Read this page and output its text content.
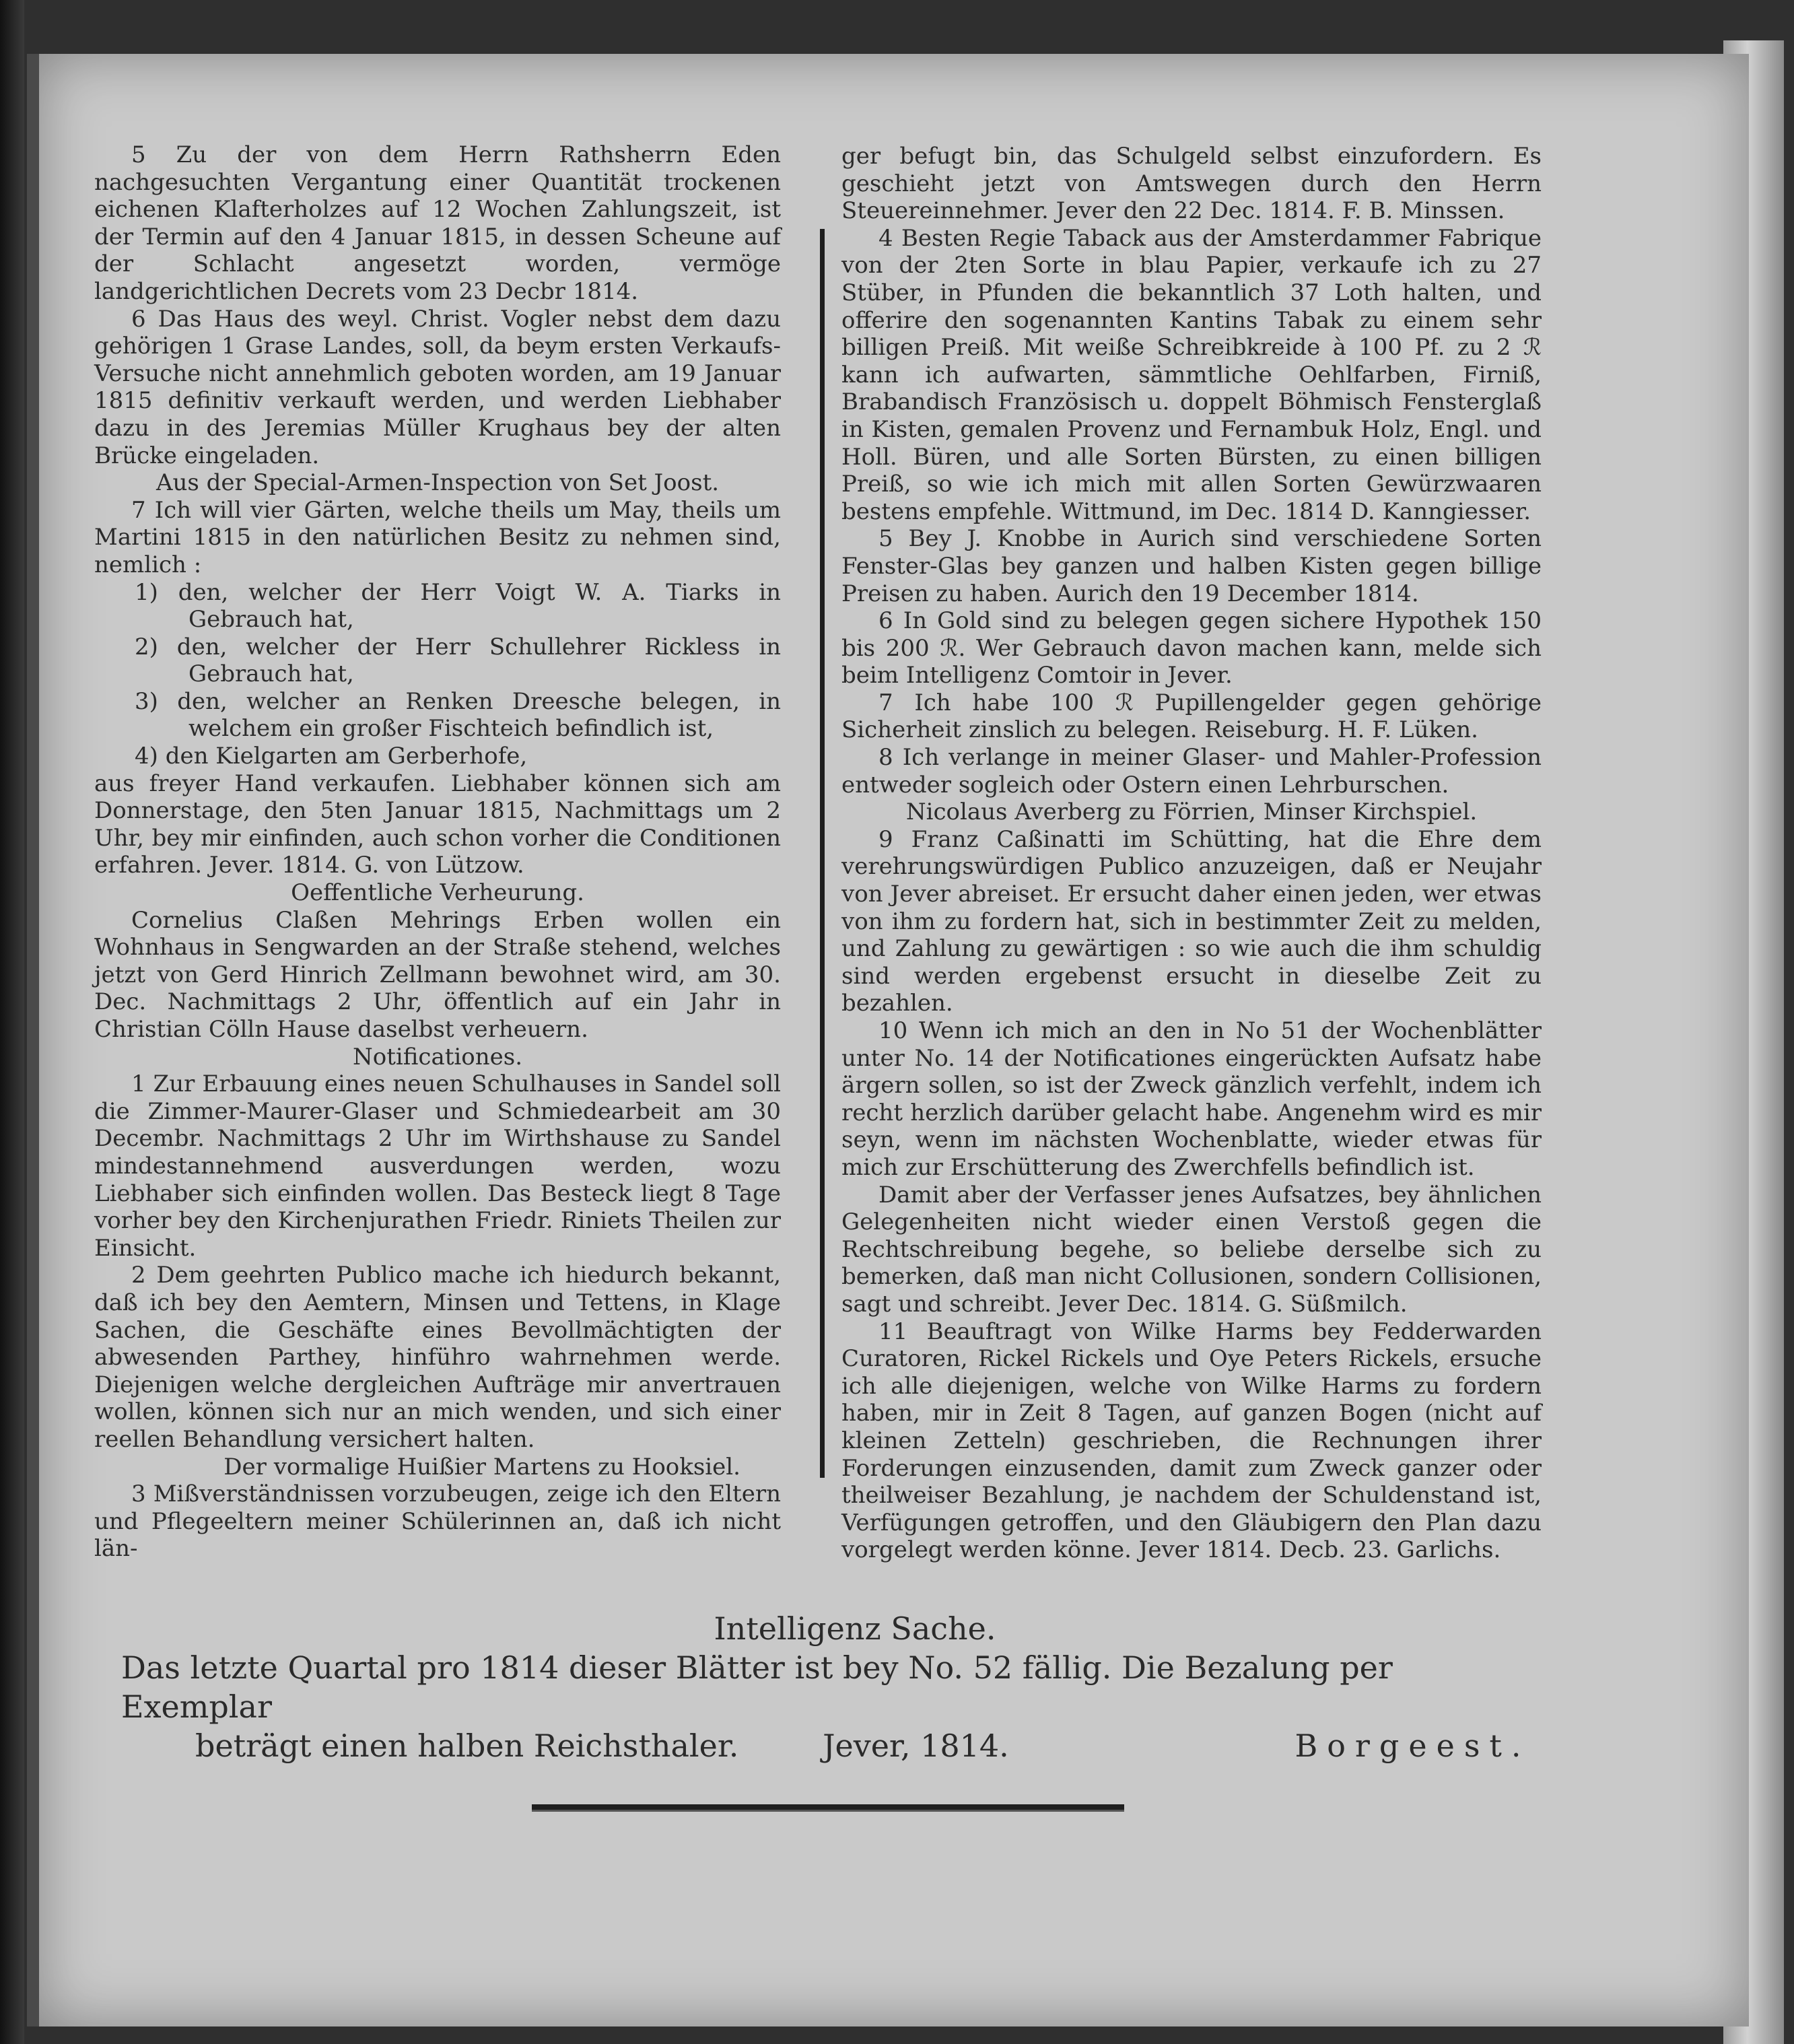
5 Zu der von dem Herrn Rathsherrn Eden nachgesuchten Vergantung einer Quantität trockenen eichenen Klafterholzes auf 12 Wochen Zahlungszeit, ist der Termin auf den 4 Januar 1815, in dessen Scheune auf der Schlacht angesetzt worden, vermöge landgerichtlichen Decrets vom 23 Decbr 1814.

6 Das Haus des weyl. Christ. Vogler nebst dem dazu gehörigen 1 Grase Landes, soll, da beym ersten Verkaufs-Versuche nicht annehmlich geboten worden, am 19 Januar 1815 definitiv verkauft werden, und werden Liebhaber dazu in des Jeremias Müller Krughaus bey der alten Brücke eingeladen.

Aus der Special-Armen-Inspection von Set Joost.

7 Ich will vier Gärten, welche theils um May, theils um Martini 1815 in den natürlichen Besitz zu nehmen sind, nemlich :

1) den, welcher der Herr Voigt W. A. Tiarks in Gebrauch hat,

2) den, welcher der Herr Schullehrer Rickless in Gebrauch hat,

3) den, welcher an Renken Dreesche belegen, in welchem ein großer Fischteich befindlich ist,

4) den Kielgarten am Gerberhofe,

aus freyer Hand verkaufen. Liebhaber können sich am Donnerstage, den 5ten Januar 1815, Nachmittags um 2 Uhr, bey mir einfinden, auch schon vorher die Conditionen erfahren. Jever. 1814. G. von Lützow.

Oeffentliche Verheurung.

Cornelius Claßen Mehrings Erben wollen ein Wohnhaus in Sengwarden an der Straße stehend, welches jetzt von Gerd Hinrich Zellmann bewohnet wird, am 30. Dec. Nachmittags 2 Uhr, öffentlich auf ein Jahr in Christian Cölln Hause daselbst verheuern.

Notificationes.

1 Zur Erbauung eines neuen Schulhauses in Sandel soll die Zimmer-Maurer-Glaser und Schmiedearbeit am 30 Decembr. Nachmittags 2 Uhr im Wirthshause zu Sandel mindestannehmend ausverdungen werden, wozu Liebhaber sich einfinden wollen. Das Besteck liegt 8 Tage vorher bey den Kirchenjurathen Friedr. Riniets Theilen zur Einsicht.

2 Dem geehrten Publico mache ich hiedurch bekannt, daß ich bey den Aemtern, Minsen und Tettens, in Klage Sachen, die Geschäfte eines Bevollmächtigten der abwesenden Parthey, hinführo wahrnehmen werde. Diejenigen welche dergleichen Aufträge mir anvertrauen wollen, können sich nur an mich wenden, und sich einer reellen Behandlung versichert halten.

Der vormalige Huißier Martens zu Hooksiel.

3 Mißverständnissen vorzubeugen, zeige ich den Eltern und Pflegeeltern meiner Schülerinnen an, daß ich nicht län-

ger befugt bin, das Schulgeld selbst einzufordern. Es geschieht jetzt von Amtswegen durch den Herrn Steuereinnehmer. Jever den 22 Dec. 1814. F. B. Minssen.

4 Besten Regie Taback aus der Amsterdammer Fabrique von der 2ten Sorte in blau Papier, verkaufe ich zu 27 Stüber, in Pfunden die bekanntlich 37 Loth halten, und offerire den sogenannten Kantins Tabak zu einem sehr billigen Preiß. Mit weiße Schreibkreide à 100 Pf. zu 2 ℛ kann ich aufwarten, sämmtliche Oehlfarben, Firniß, Brabandisch Französisch u. doppelt Böhmisch Fensterglaß in Kisten, gemalen Provenz und Fernambuk Holz, Engl. und Holl. Büren, und alle Sorten Bürsten, zu einen billigen Preiß, so wie ich mich mit allen Sorten Gewürzwaaren bestens empfehle. Wittmund, im Dec. 1814 D. Kanngiesser.

5 Bey J. Knobbe in Aurich sind verschiedene Sorten Fenster-Glas bey ganzen und halben Kisten gegen billige Preisen zu haben. Aurich den 19 December 1814.

6 In Gold sind zu belegen gegen sichere Hypothek 150 bis 200 ℛ. Wer Gebrauch davon machen kann, melde sich beim Intelligenz Comtoir in Jever.

7 Ich habe 100 ℛ Pupillengelder gegen gehörige Sicherheit zinslich zu belegen. Reiseburg. H. F. Lüken.

8 Ich verlange in meiner Glaser- und Mahler-Profession entweder sogleich oder Ostern einen Lehrburschen.

Nicolaus Averberg zu Förrien, Minser Kirchspiel.

9 Franz Caßinatti im Schütting, hat die Ehre dem verehrungswürdigen Publico anzuzeigen, daß er Neujahr von Jever abreiset. Er ersucht daher einen jeden, wer etwas von ihm zu fordern hat, sich in bestimmter Zeit zu melden, und Zahlung zu gewärtigen : so wie auch die ihm schuldig sind werden ergebenst ersucht in dieselbe Zeit zu bezahlen.

10 Wenn ich mich an den in No 51 der Wochenblätter unter No. 14 der Notificationes eingerückten Aufsatz habe ärgern sollen, so ist der Zweck gänzlich verfehlt, indem ich recht herzlich darüber gelacht habe. Angenehm wird es mir seyn, wenn im nächsten Wochenblatte, wieder etwas für mich zur Erschütterung des Zwerchfells befindlich ist.

Damit aber der Verfasser jenes Aufsatzes, bey ähnlichen Gelegenheiten nicht wieder einen Verstoß gegen die Rechtschreibung begehe, so beliebe derselbe sich zu bemerken, daß man nicht Collusionen, sondern Collisionen, sagt und schreibt. Jever Dec. 1814. G. Süßmilch.

11 Beauftragt von Wilke Harms bey Fedderwarden Curatoren, Rickel Rickels und Oye Peters Rickels, ersuche ich alle diejenigen, welche von Wilke Harms zu fordern haben, mir in Zeit 8 Tagen, auf ganzen Bogen (nicht auf kleinen Zetteln) geschrieben, die Rechnungen ihrer Forderungen einzusenden, damit zum Zweck ganzer oder theilweiser Bezahlung, je nachdem der Schuldenstand ist, Verfügungen getroffen, und den Gläubigern den Plan dazu vorgelegt werden könne. Jever 1814. Decb. 23. Garlichs.

Intelligenz Sache.

Das letzte Quartal pro 1814 dieser Blätter ist bey No. 52 fällig. Die Bezalung per Exemplar

beträgt einen halben Reichsthaler.	Jever, 1814.	Borgeest.
